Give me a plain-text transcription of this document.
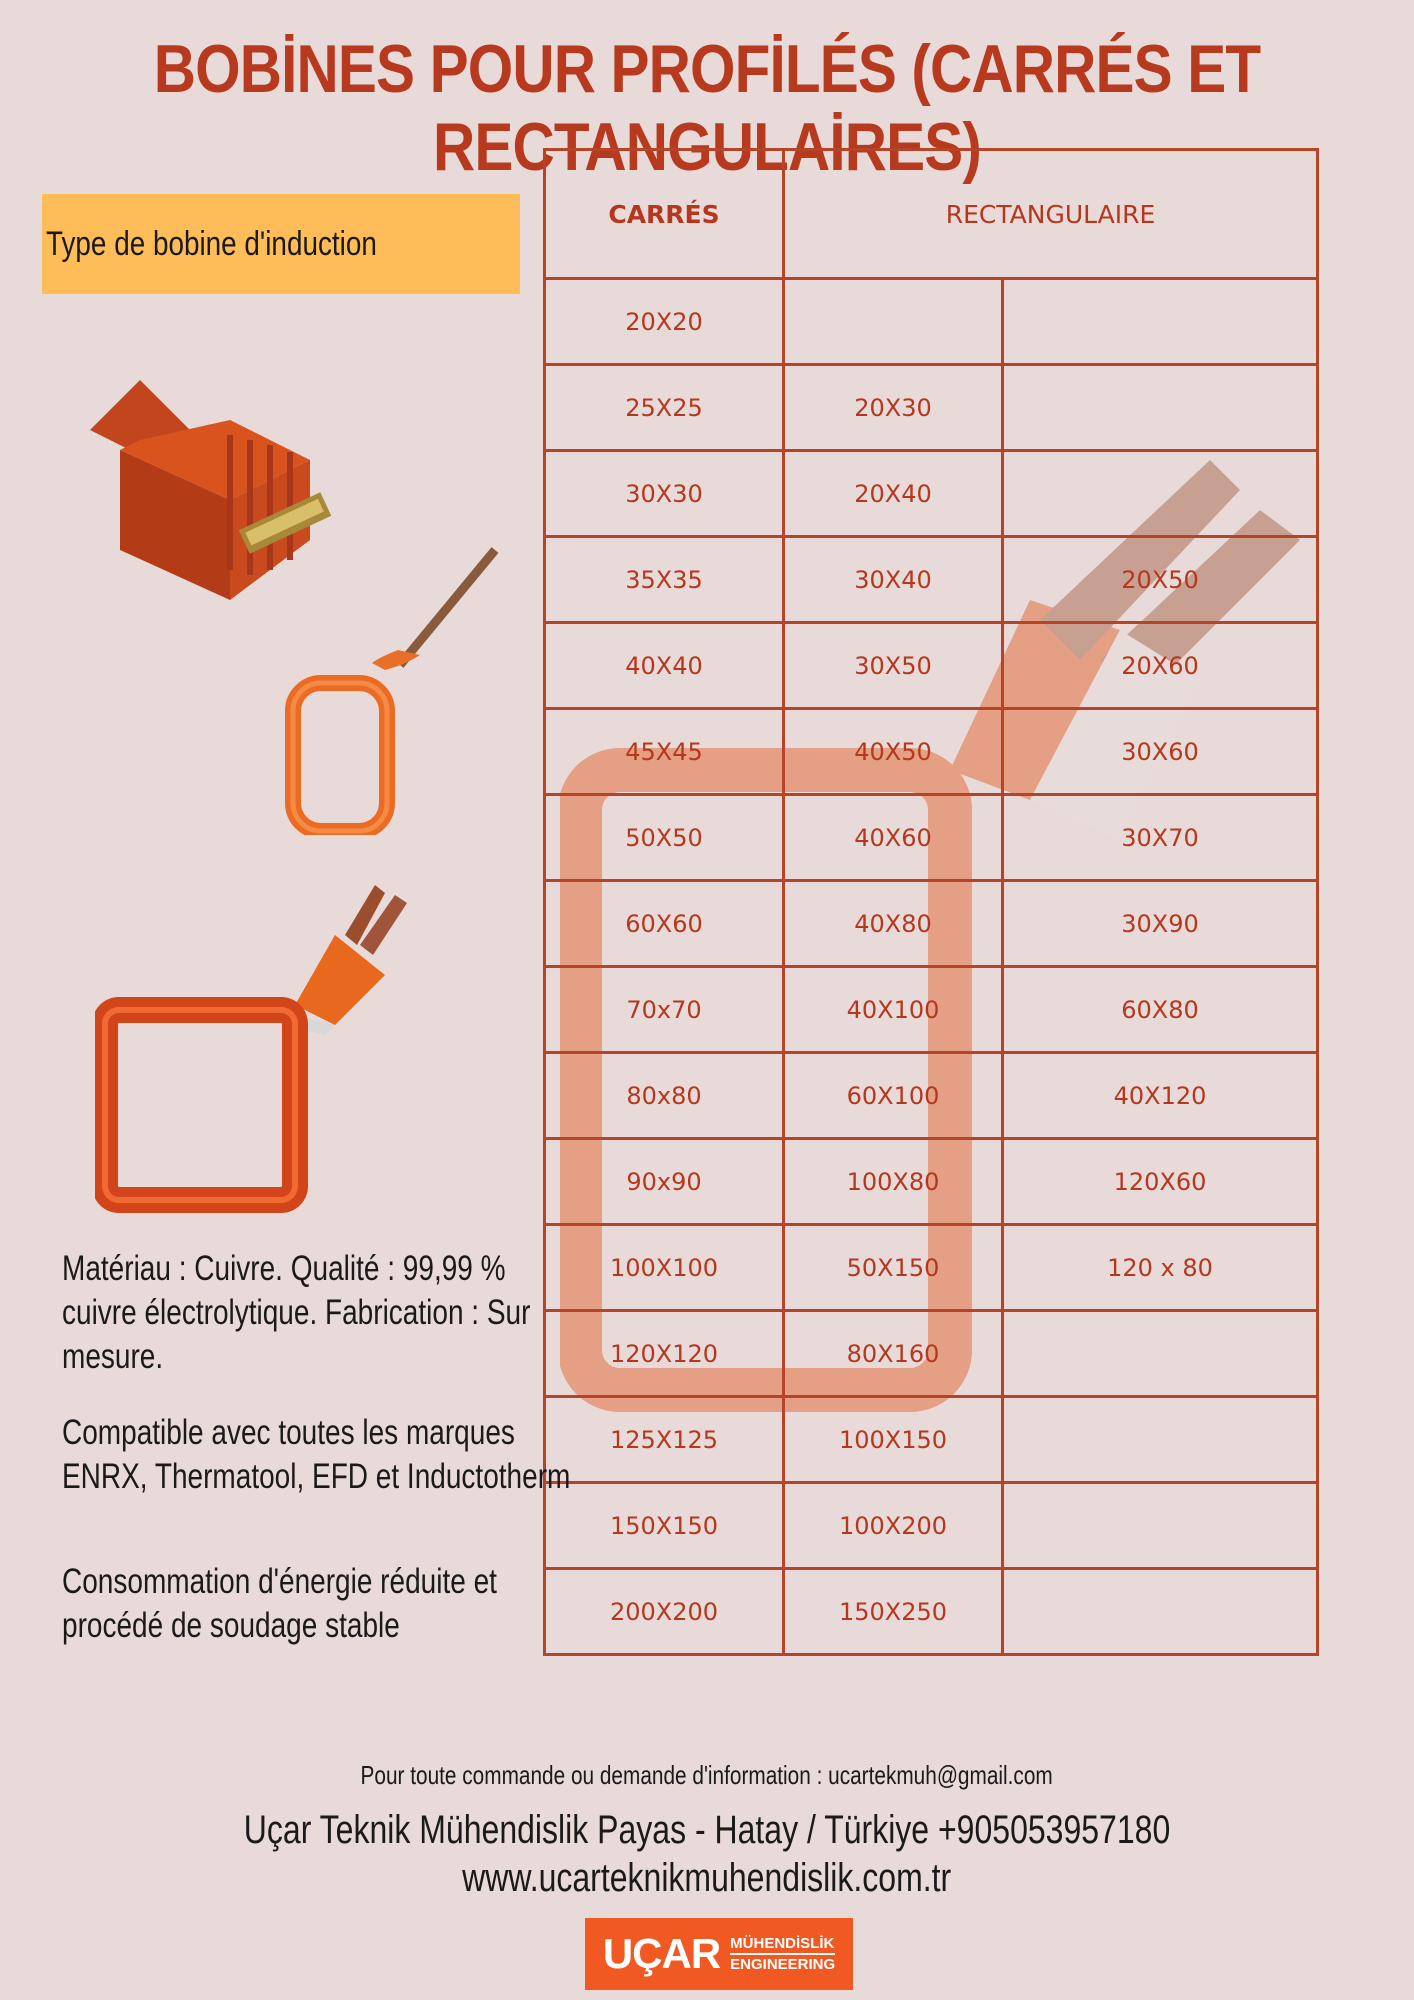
BOBİNES POUR PROFİLÉS (CARRÉS ET RECTANGULAİRES)
Type de bobine d'induction
CARRÉS	RECTANGULAIRE	
20X20		
25X25	20X30	
30X30	20X40	
35X35	30X40	20X50
40X40	30X50	20X60
45X45	40X50	30X60
50X50	40X60	30X70
60X60	40X80	30X90
70x70	40X100	60X80
80x80	60X100	40X120
90x90	100X80	120X60
100X100	50X150	120 x 80
120X120	80X160	
125X125	100X150	
150X150	100X200	
200X200	150X250	
Matériau : Cuivre. Qualité : 99,99 %
cuivre électrolytique. Fabrication : Sur
mesure.
Compatible avec toutes les marques
ENRX, Thermatool, EFD et Inductotherm
Consommation d'énergie réduite et
procédé de soudage stable
Pour toute commande ou demande d'information : ucartekmuh@gmail.com
Uçar Teknik Mühendislik Payas - Hatay / Türkiye +905053957180
www.ucarteknikmuhendislik.com.tr
UÇAR MÜHENDİSLİK
ENGINEERING
